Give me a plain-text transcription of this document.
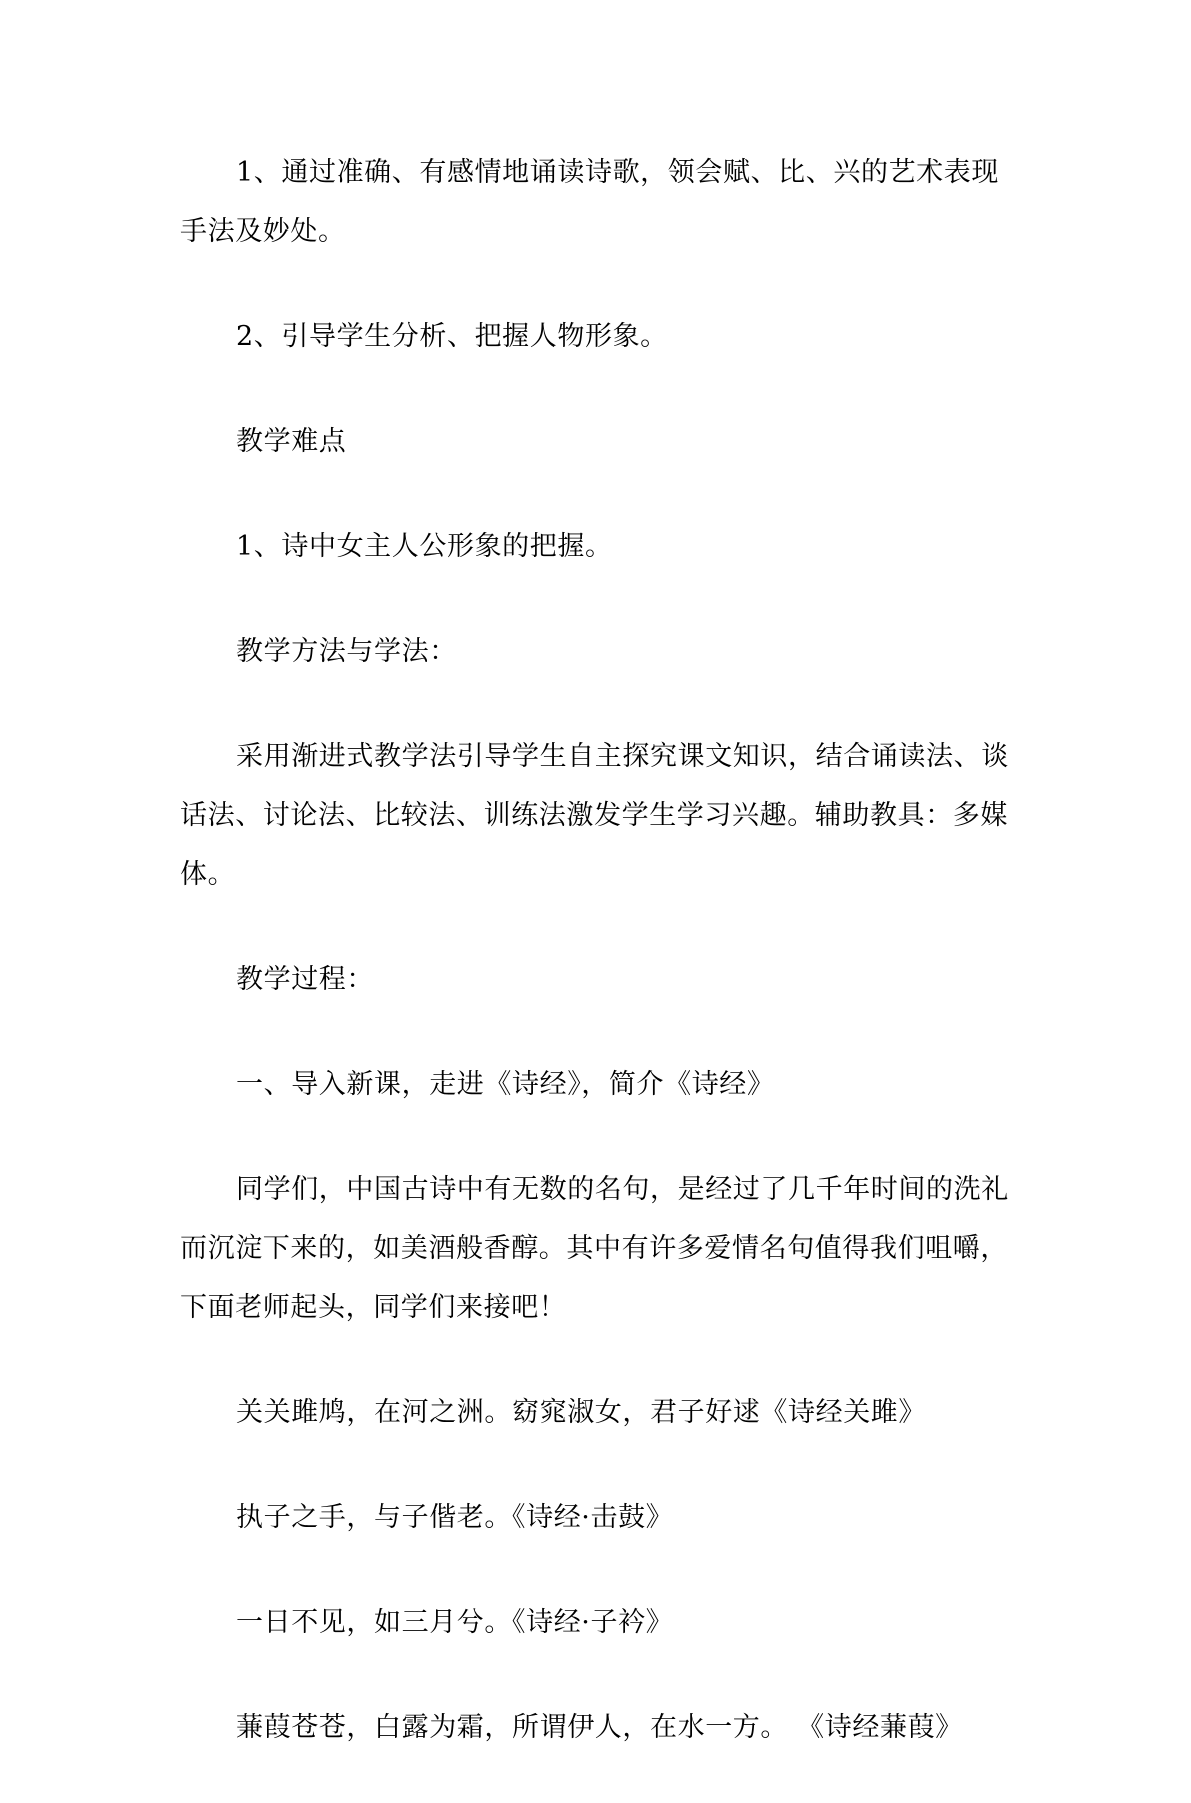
1、通过准确、有感情地诵读诗歌，领会赋、比、兴的艺术表现手法及妙处。

2、引导学生分析、把握人物形象。

教学难点

1、诗中女主人公形象的把握。

教学方法与学法：

采用渐进式教学法引导学生自主探究课文知识，结合诵读法、谈话法、讨论法、比较法、训练法激发学生学习兴趣。辅助教具：多媒体。

教学过程：

一、导入新课，走进《诗经》，简介《诗经》

同学们，中国古诗中有无数的名句，是经过了几千年时间的洗礼而沉淀下来的，如美酒般香醇。其中有许多爱情名句值得我们咀嚼，下面老师起头，同学们来接吧！

关关雎鸠，在河之洲。窈窕淑女，君子好逑《诗经关雎》

执子之手，与子偕老。《诗经·击鼓》

一日不见，如三月兮。《诗经·子衿》

蒹葭苍苍，白露为霜，所谓伊人，在水一方。 《诗经蒹葭》
